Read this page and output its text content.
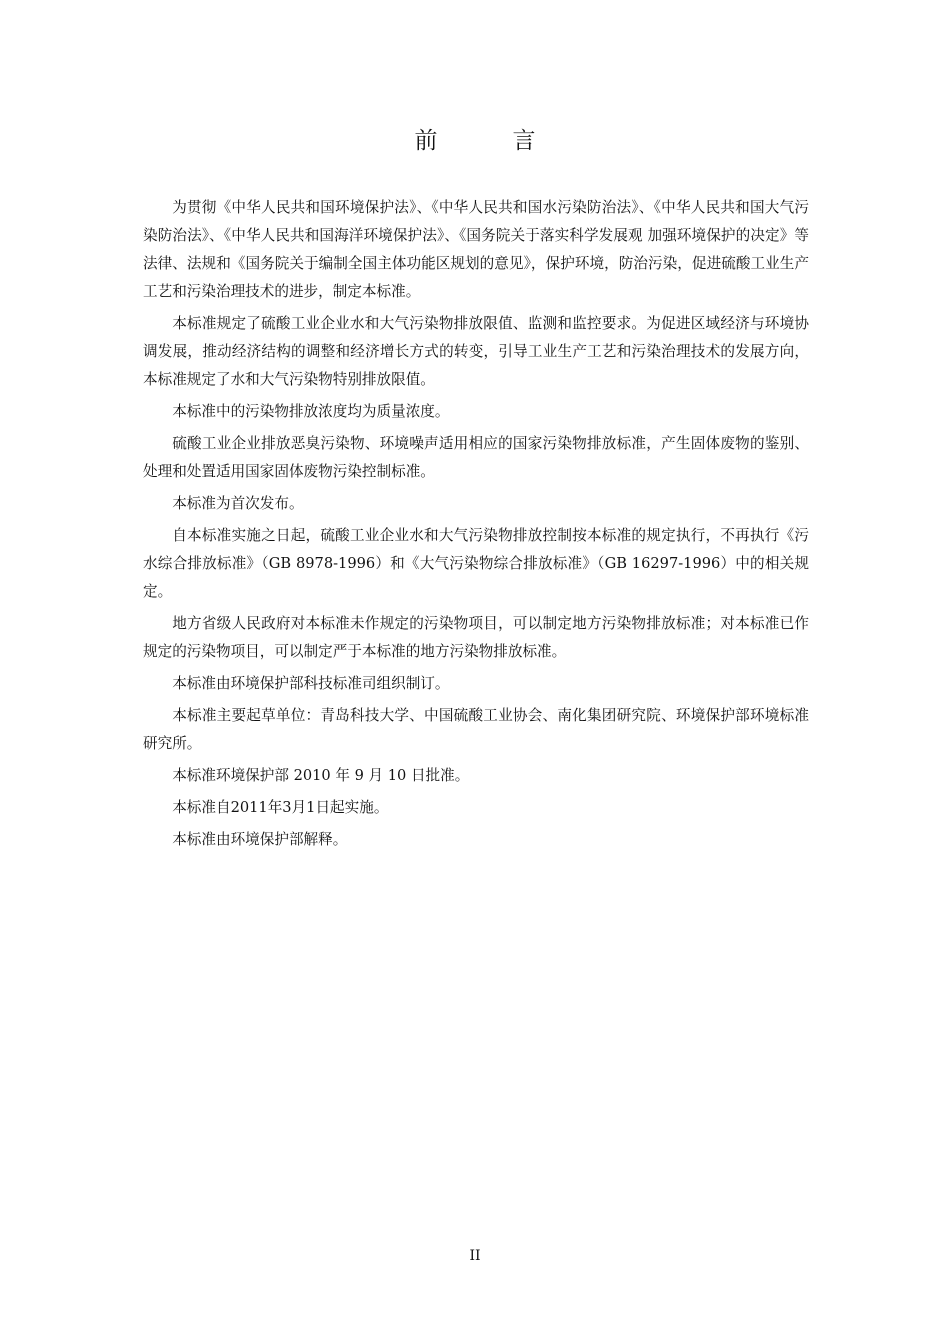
前　言

为贯彻《中华人民共和国环境保护法》、《中华人民共和国水污染防治法》、《中华人民共和国大气污染防治法》、《中华人民共和国海洋环境保护法》、《国务院关于落实科学发展观 加强环境保护的决定》等法律、法规和《国务院关于编制全国主体功能区规划的意见》，保护环境，防治污染，促进硫酸工业生产工艺和污染治理技术的进步，制定本标准。

本标准规定了硫酸工业企业水和大气污染物排放限值、监测和监控要求。为促进区域经济与环境协调发展，推动经济结构的调整和经济增长方式的转变，引导工业生产工艺和污染治理技术的发展方向，本标准规定了水和大气污染物特别排放限值。

本标准中的污染物排放浓度均为质量浓度。

硫酸工业企业排放恶臭污染物、环境噪声适用相应的国家污染物排放标准，产生固体废物的鉴别、处理和处置适用国家固体废物污染控制标准。

本标准为首次发布。

自本标准实施之日起，硫酸工业企业水和大气污染物排放控制按本标准的规定执行，不再执行《污水综合排放标准》（GB 8978-1996）和《大气污染物综合排放标准》（GB 16297-1996）中的相关规定。

地方省级人民政府对本标准未作规定的污染物项目，可以制定地方污染物排放标准；对本标准已作规定的污染物项目，可以制定严于本标准的地方污染物排放标准。

本标准由环境保护部科技标准司组织制订。

本标准主要起草单位：青岛科技大学、中国硫酸工业协会、南化集团研究院、环境保护部环境标准研究所。

本标准环境保护部 2010 年 9 月 10 日批准。

本标准自2011年3月1日起实施。

本标准由环境保护部解释。

II
